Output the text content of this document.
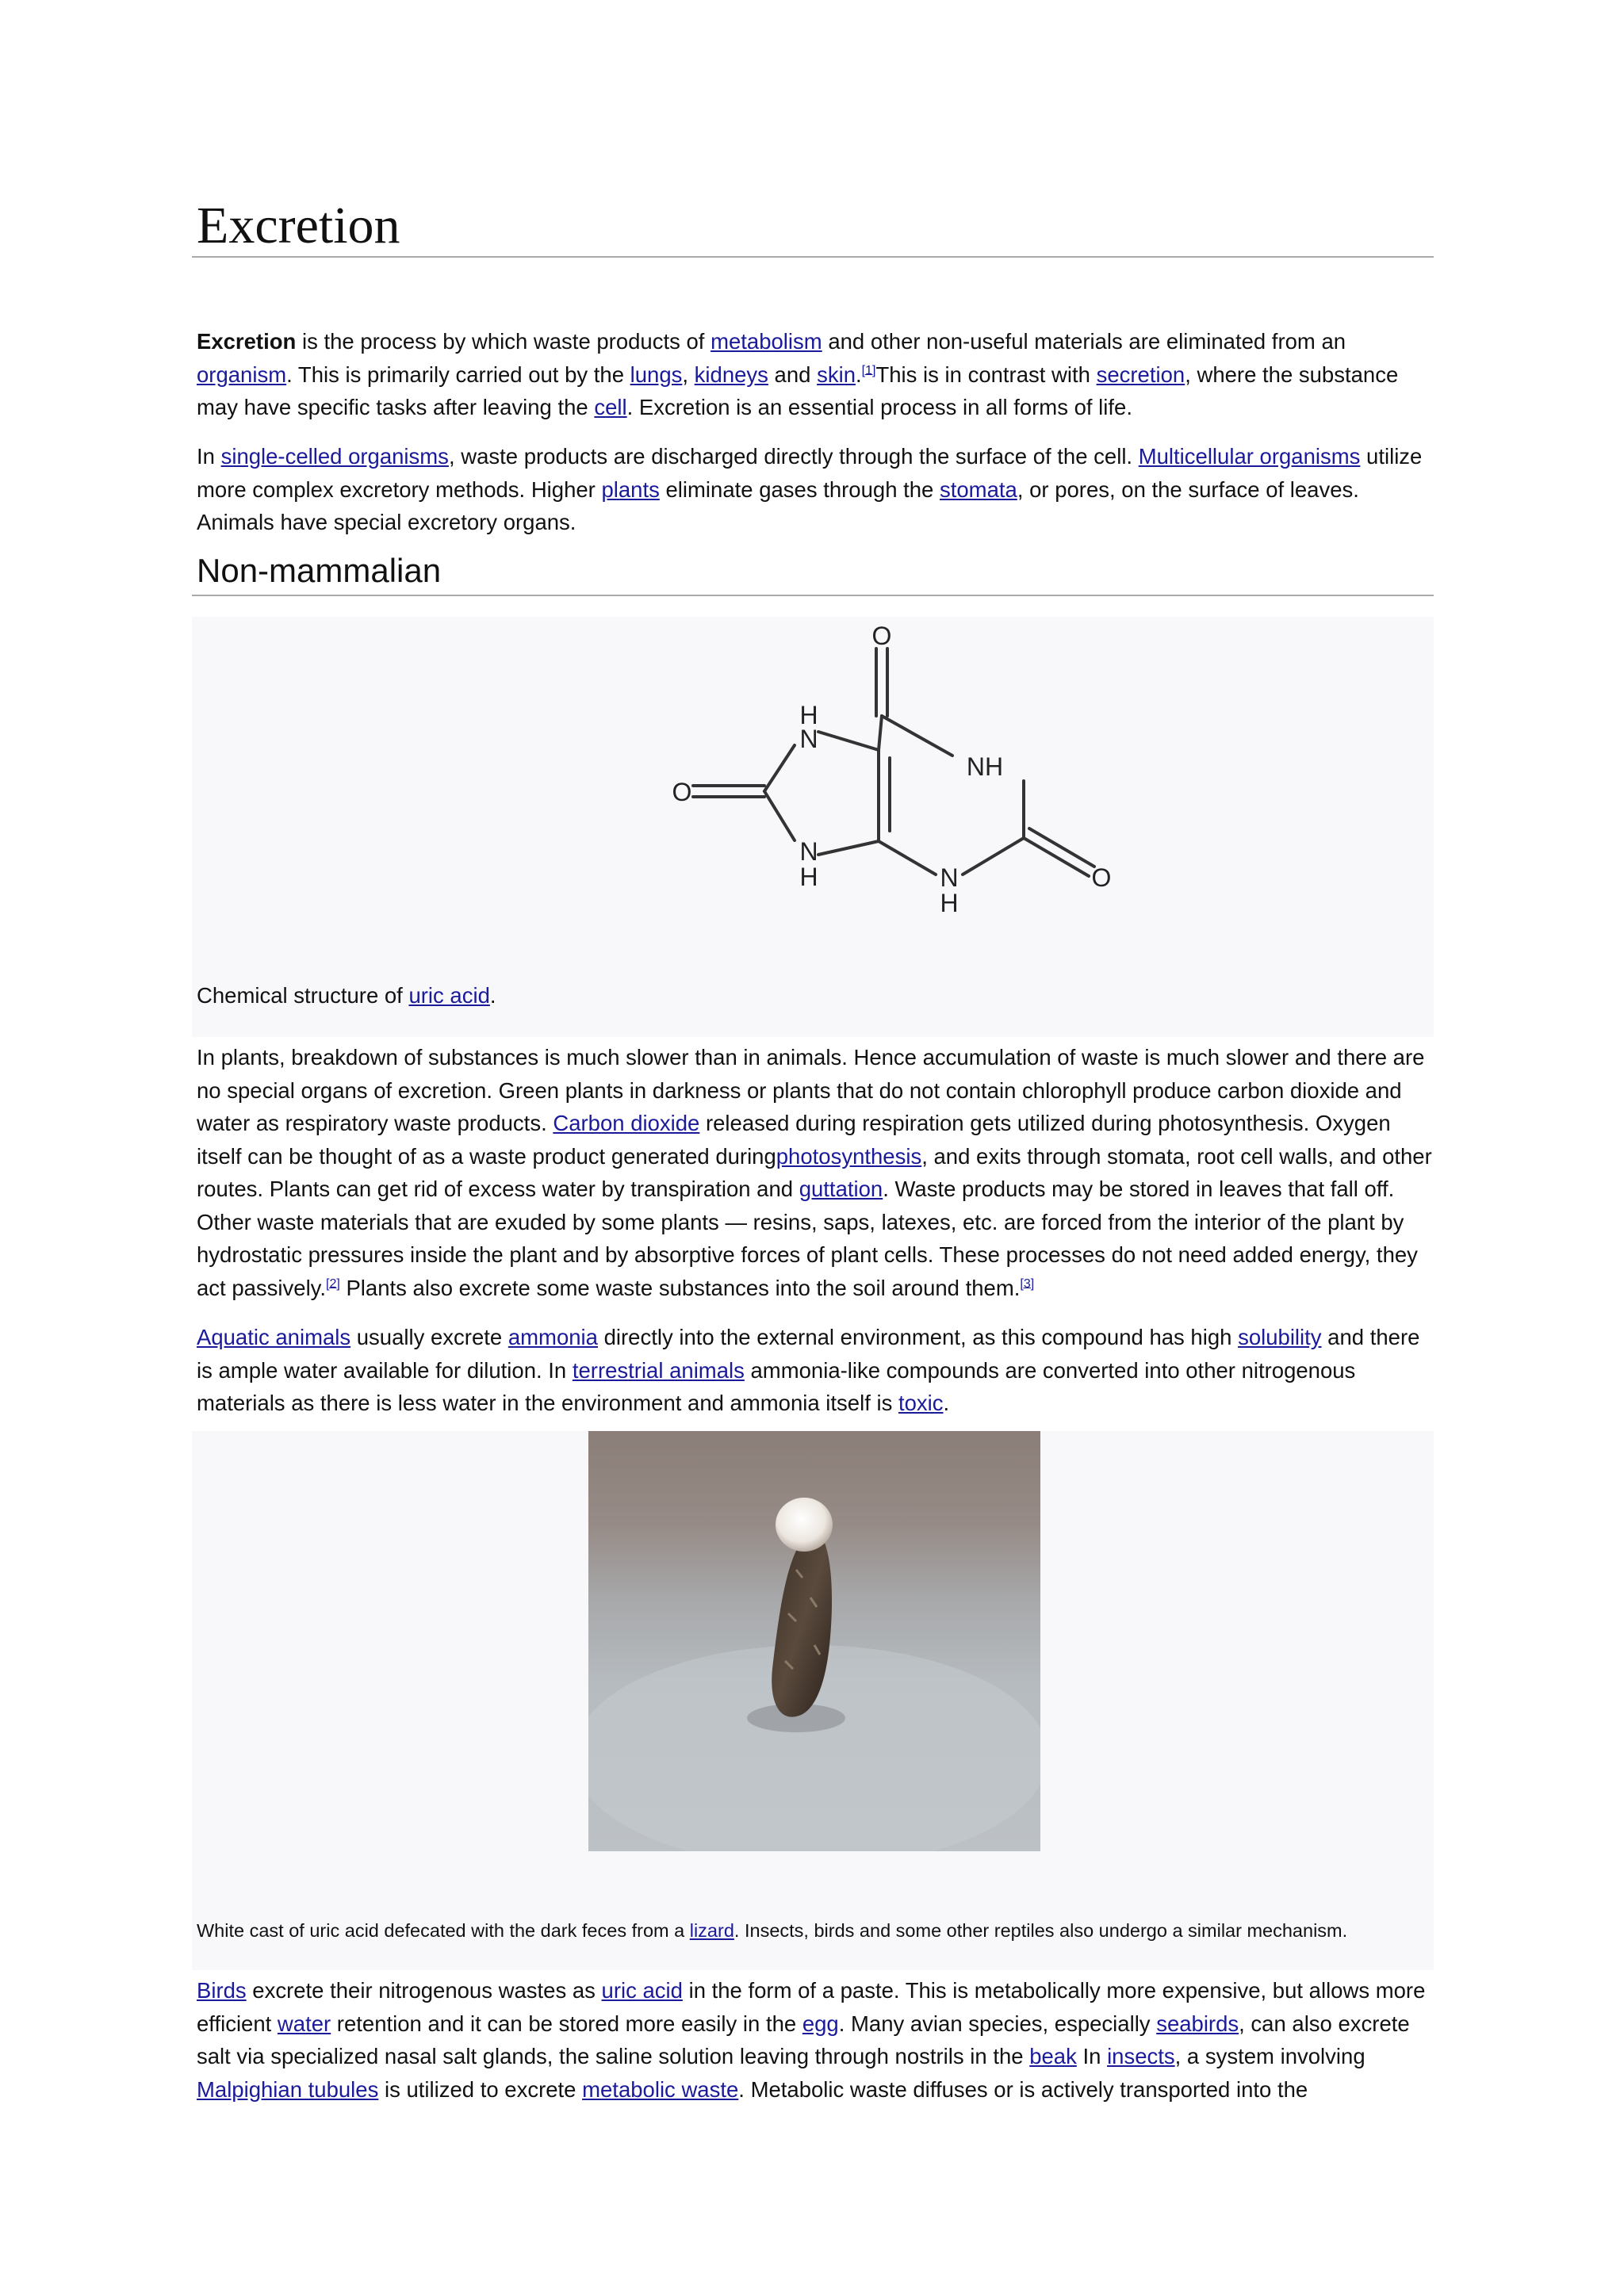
Excretion

Excretion is the process by which waste products of metabolism and other non-useful materials are eliminated from an organism. This is primarily carried out by the lungs, kidneys and skin.[1]This is in contrast with secretion, where the substance may have specific tasks after leaving the cell. Excretion is an essential process in all forms of life.

In single-celled organisms, waste products are discharged directly through the surface of the cell. Multicellular organisms utilize more complex excretory methods. Higher plants eliminate gases through the stomata, or pores, on the surface of leaves. Animals have special excretory organs.

Non-mammalian
O
NH
O
N
H
H
N
N
H
O

Chemical structure of uric acid.

In plants, breakdown of substances is much slower than in animals. Hence accumulation of waste is much slower and there are no special organs of excretion. Green plants in darkness or plants that do not contain chlorophyll produce carbon dioxide and water as respiratory waste products. Carbon dioxide released during respiration gets utilized during photosynthesis. Oxygen itself can be thought of as a waste product generated duringphotosynthesis, and exits through stomata, root cell walls, and other routes. Plants can get rid of excess water by transpiration and guttation. Waste products may be stored in leaves that fall off. Other waste materials that are exuded by some plants — resins, saps, latexes, etc. are forced from the interior of the plant by hydrostatic pressures inside the plant and by absorptive forces of plant cells. These processes do not need added energy, they act passively.[2] Plants also excrete some waste substances into the soil around them.[3]

Aquatic animals usually excrete ammonia directly into the external environment, as this compound has high solubility and there is ample water available for dilution. In terrestrial animals ammonia-like compounds are converted into other nitrogenous materials as there is less water in the environment and ammonia itself is toxic.

White cast of uric acid defecated with the dark feces from a lizard. Insects, birds and some other reptiles also undergo a similar mechanism.

Birds excrete their nitrogenous wastes as uric acid in the form of a paste. This is metabolically more expensive, but allows more efficient water retention and it can be stored more easily in the egg. Many avian species, especially seabirds, can also excrete salt via specialized nasal salt glands, the saline solution leaving through nostrils in the beak In insects, a system involving Malpighian tubules is utilized to excrete metabolic waste. Metabolic waste diffuses or is actively transported into the
